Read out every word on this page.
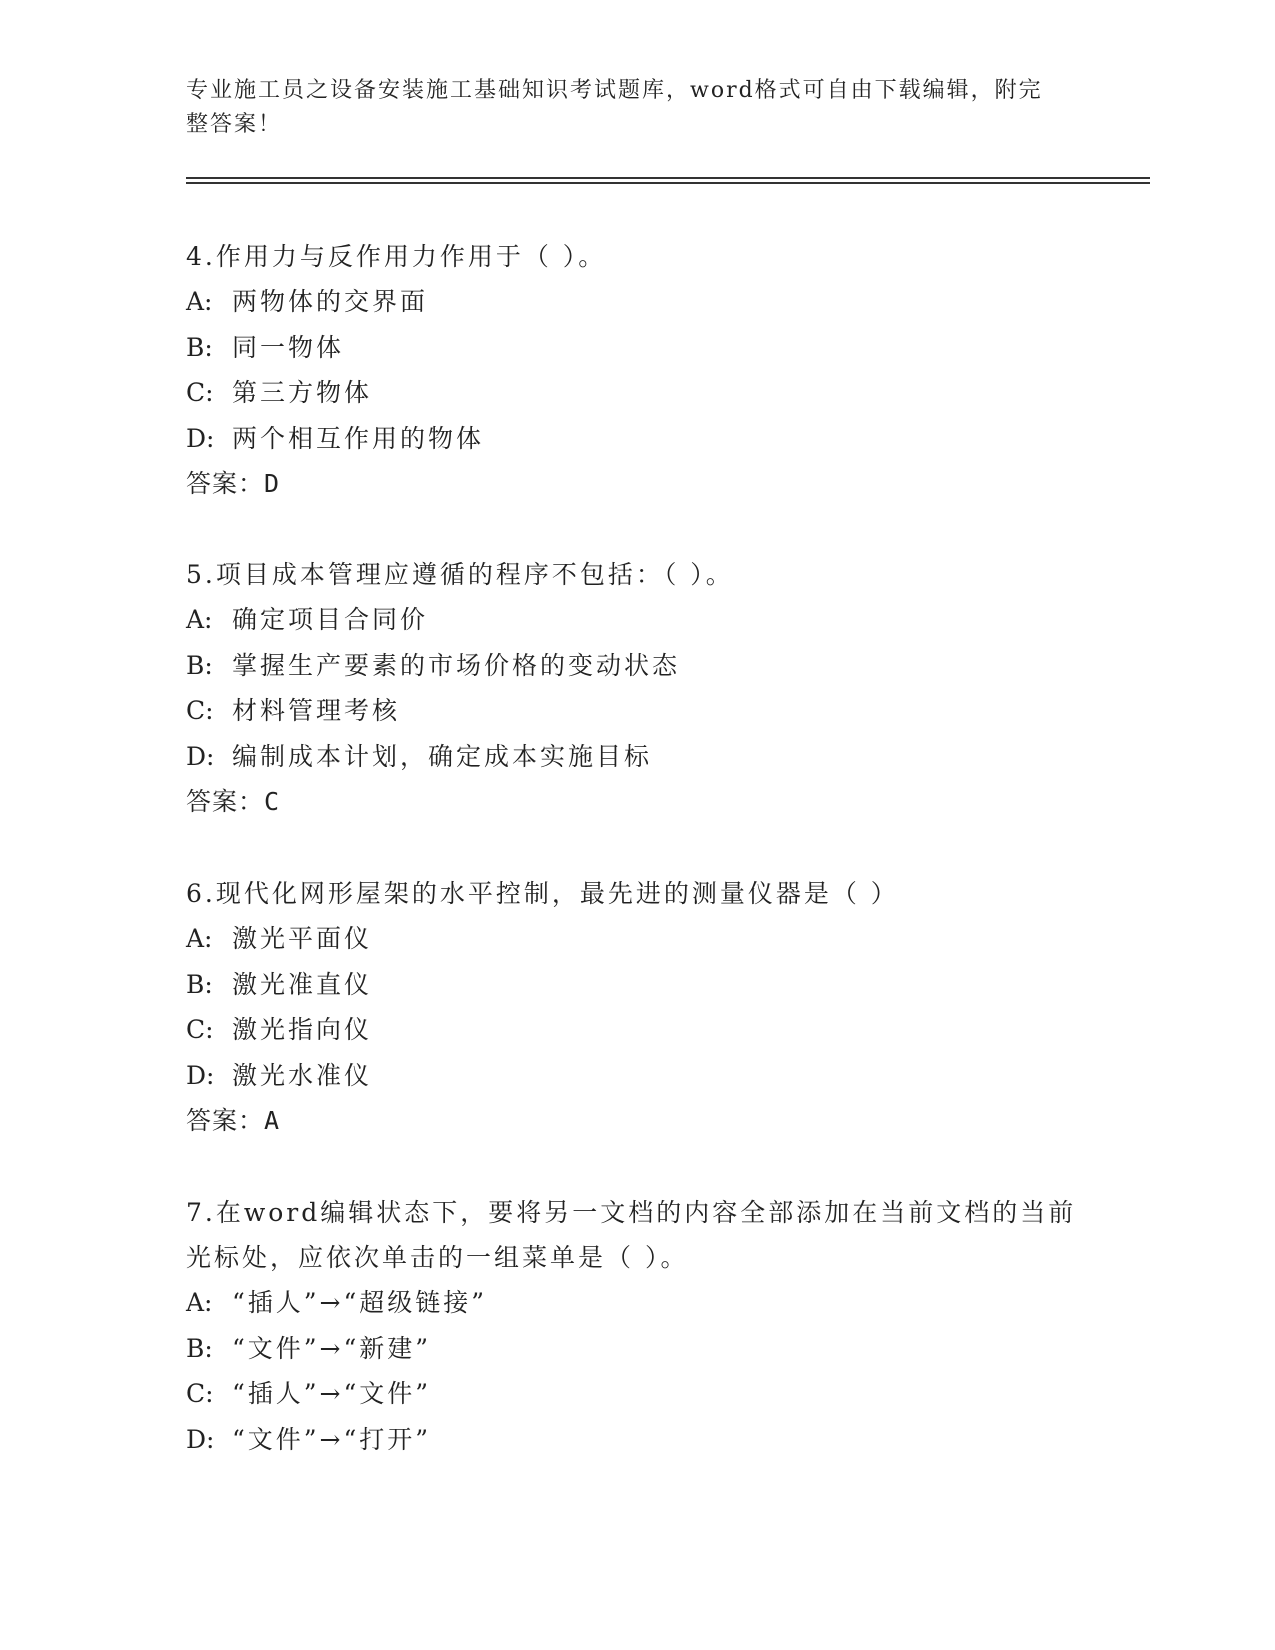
专业施工员之设备安装施工基础知识考试题库，word格式可自由下载编辑，附完整答案！
4.作用力与反作用力作用于（ ）。
A: 两物体的交界面
B: 同一物体
C: 第三方物体
D: 两个相互作用的物体
答案：D
5.项目成本管理应遵循的程序不包括：（ ）。
A: 确定项目合同价
B: 掌握生产要素的市场价格的变动状态
C: 材料管理考核
D: 编制成本计划，确定成本实施目标
答案：C
6.现代化网形屋架的水平控制，最先进的测量仪器是（ ）
A: 激光平面仪
B: 激光准直仪
C: 激光指向仪
D: 激光水准仪
答案：A
7.在word编辑状态下，要将另一文档的内容全部添加在当前文档的当前光标处，应依次单击的一组菜单是（ ）。
A: “插人”→“超级链接”
B: “文件”→“新建”
C: “插人”→“文件”
D: “文件”→“打开”
